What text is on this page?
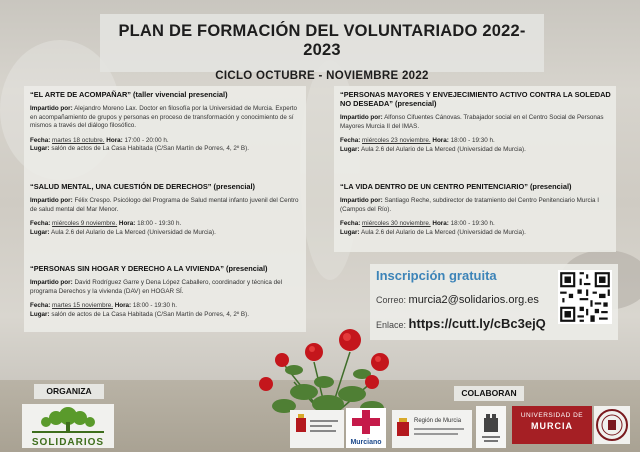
PLAN DE FORMACIÓN DEL VOLUNTARIADO 2022-2023
CICLO OCTUBRE - NOVIEMBRE 2022
“EL ARTE DE ACOMPAÑAR” (taller vivencial presencial)

Impartido por: Alejandro Moreno Lax. Doctor en filosofía por la Universidad de Murcia. Experto en acompañamiento de grupos y personas en proceso de transformación y conocimiento de sí mismos a través del diálogo filosófico.

Fecha: martes 18 octubre. Hora: 17:00 - 20:00 h.

Lugar: salón de actos de La Casa Habitada (C/San Martín de Porres, 4, 2º B).

“SALUD MENTAL, UNA CUESTIÓN DE DERECHOS” (presencial)

Impartido por: Félix Crespo. Psicólogo del Programa de Salud mental infanto juvenil del Centro de salud mental del Mar Menor.

Fecha: miércoles 9 noviembre. Hora: 18:00 - 19:30 h.

Lugar: Aula 2.6 del Aulario de La Merced (Universidad de Murcia).

“PERSONAS SIN HOGAR Y DERECHO A LA VIVIENDA” (presencial)

Impartido por: David Rodríguez Garre y Dena López Caballero, coordinador y técnica del programa Derechos y la vivienda (DAV) en HOGAR SÍ.

Fecha: martes 15 noviembre. Hora: 18:00 - 19:30 h.

Lugar: salón de actos de La Casa Habitada (C/San Martín de Porres, 4, 2º B).

“PERSONAS MAYORES Y ENVEJECIMIENTO ACTIVO CONTRA LA SOLEDAD NO DESEADA” (presencial)

Impartido por: Alfonso Cifuentes Cánovas. Trabajador social en el Centro Social de Personas Mayores Murcia II del IMAS.

Fecha: miércoles 23 noviembre. Hora: 18:00 - 19:30 h.

Lugar: Aula 2.6 del Aulario de La Merced (Universidad de Murcia).

“LA VIDA DENTRO DE UN CENTRO PENITENCIARIO” (presencial)

Impartido por: Santiago Reche, subdirector de tratamiento del Centro Penitenciario Murcia I (Campos del Río).

Fecha: miércoles 30 noviembre. Hora: 18:00 - 19:30 h.

Lugar: Aula 2.6 del Aulario de La Merced (Universidad de Murcia).

Inscripción gratuita
Correo: murcia2@solidarios.org.es
Enlace: https://cutt.ly/cBc3ejQ
ORGANIZA	COLABORAN
SOLIDARIOS	Murciano
Región de Murcia
UNIVERSIDAD DE
MURCIA
